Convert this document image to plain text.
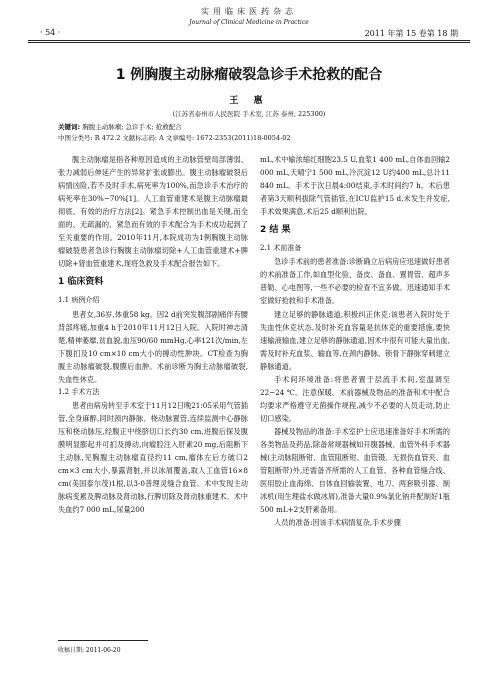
实用临床医药杂志
Journal of Clinical Medicine in Practice
· 54 ·	2011 年第 15 卷第 18 期
1 例胸腹主动脉瘤破裂急诊手术抢救的配合
王 惠
(江苏省泰州市人民医院 手术室, 江苏 泰州, 225300)
关键词: 胸腹主动脉瘤; 急诊手术; 抢救配合
中图分类号: R 472.2 文献标志码: A 文章编号: 1672-2353(2011)18-0054-02

腹主动脉瘤是指各种原因造成的主动脉管壁局部薄弱、张力减弱后伸延产生的异常扩张或膨出。腹主动脉瘤破裂后病情凶险,若不及时手术,病死率为100%,而急诊手术治疗的病死率在30%~70%[1]。人工血管重建术是腹主动脉瘤最彻底、有效的治疗方法[2]。紧急手术控制出血是关键,而全面的、无疏漏的、紧急而有效的手术配合为手术成功起到了至关重要的作用。2010年11月,本院成功为1例胸腹主动脉瘤破裂患者急诊行胸腹主动脉瘤切除+人工血管重建术+脾切除+肾血管重建术,现将急救及手术配合报告如下。

1 临床资料

1.1 病例介绍

患者女,36岁,体重58 kg。因2 d前突发腹部剧痛伴有腰背部疼痛,加重4 h于2010年11月12日入院。入院时神志清楚,精神萎靡,贫血貌,血压90/60 mmHg,心率121次/min,左下腹扪及10 cm×10 cm大小的搏动性肿块。CT检查为胸腹主动脉瘤破裂,腹膜后血肿。术前诊断为胸主动脉瘤破裂,失血性休克。

1.2 手术方法

患者由病房转至手术室于11月12日晚21:05采用气管插管,全身麻醉,同时颈内静脉、桡动脉置管,连续监测中心静脉压和桡动脉压,经腹正中绕脐切口长约30 cm,进腹后探及腹膜明显膨起并可扪及搏动,向瘤腔注入肝素20 mg,后阻断下主动脉,见胸腹主动脉瘤直径约11 cm,瘤体左后方破口2 cm×3 cm大小,暴露肾脏,并以冰屑覆盖,取人工血管16×8 cm(美国泰尔茂)1根,以3-0普理灵缝合血管。术中发现主动脉病变累及脾动脉及肾动脉,行脾切除及肾动脉重建术。术中失血约7 000 mL,尿量200

mL,术中输浓缩红细胞23.5 U,血浆1 400 mL,自体血回输2 000 mL,天晴宁1 500 mL,冷沉淀12 U约400 mL,总计11 840 mL。手术于次日晨4:00结束,手术时间约7 h。术后患者第3天顺利拔除气管插管,在ICU监护15 d,未发生并发症,手术效果满意,术后25 d顺利出院。

2 结 果

2.1 术前准备

急诊手术前的患者准备:诊断确立后病房应迅速做好患者的术前准备工作,如血型化验、备皮、备血、置胃管、超声多普勒、心电图等,一些不必要的检查不宜多做。迅速通知手术室做好抢救和手术准备。

建立足够的静脉通道,积极纠正休克:该患者入院时处于失血性休克状态,及时补充血容量是抗休克的重要措施,要快速输液输血,建立足够的静脉通道,因术中很有可能大量出血,需及时补充血浆、输血等,在颈内静脉、锁骨下静脉穿刺建立静脉通道。

手术间环境准备:将患者置于层流手术间,室温调至22~24 ℃。注意保暖。术前器械及物品的准备和术中配合均要求严格遵守无菌操作规程,减少不必要的人员走动,防止切口感染。

器械及物品的准备:手术室护士应迅速准备好手术所需的各类物品及药品,除备常规器械如开腹器械、血管外科手术器械(主动脉阻断钳、血管阻断钳、血管镊、无损伤血管夹、血管阻断带)外,还需备齐所需的人工血管、各种血管缝合线、医用胶止血海绵、自体血回输装置、电刀、两套吸引器、制冰机(用生理盐水做冰屑),准备大量0.9%氯化钠并配制好1瓶500 mL+2支肝素备用。

人员的准备:因该手术病情复杂,手术步骤

收稿日期: 2011-06-20
